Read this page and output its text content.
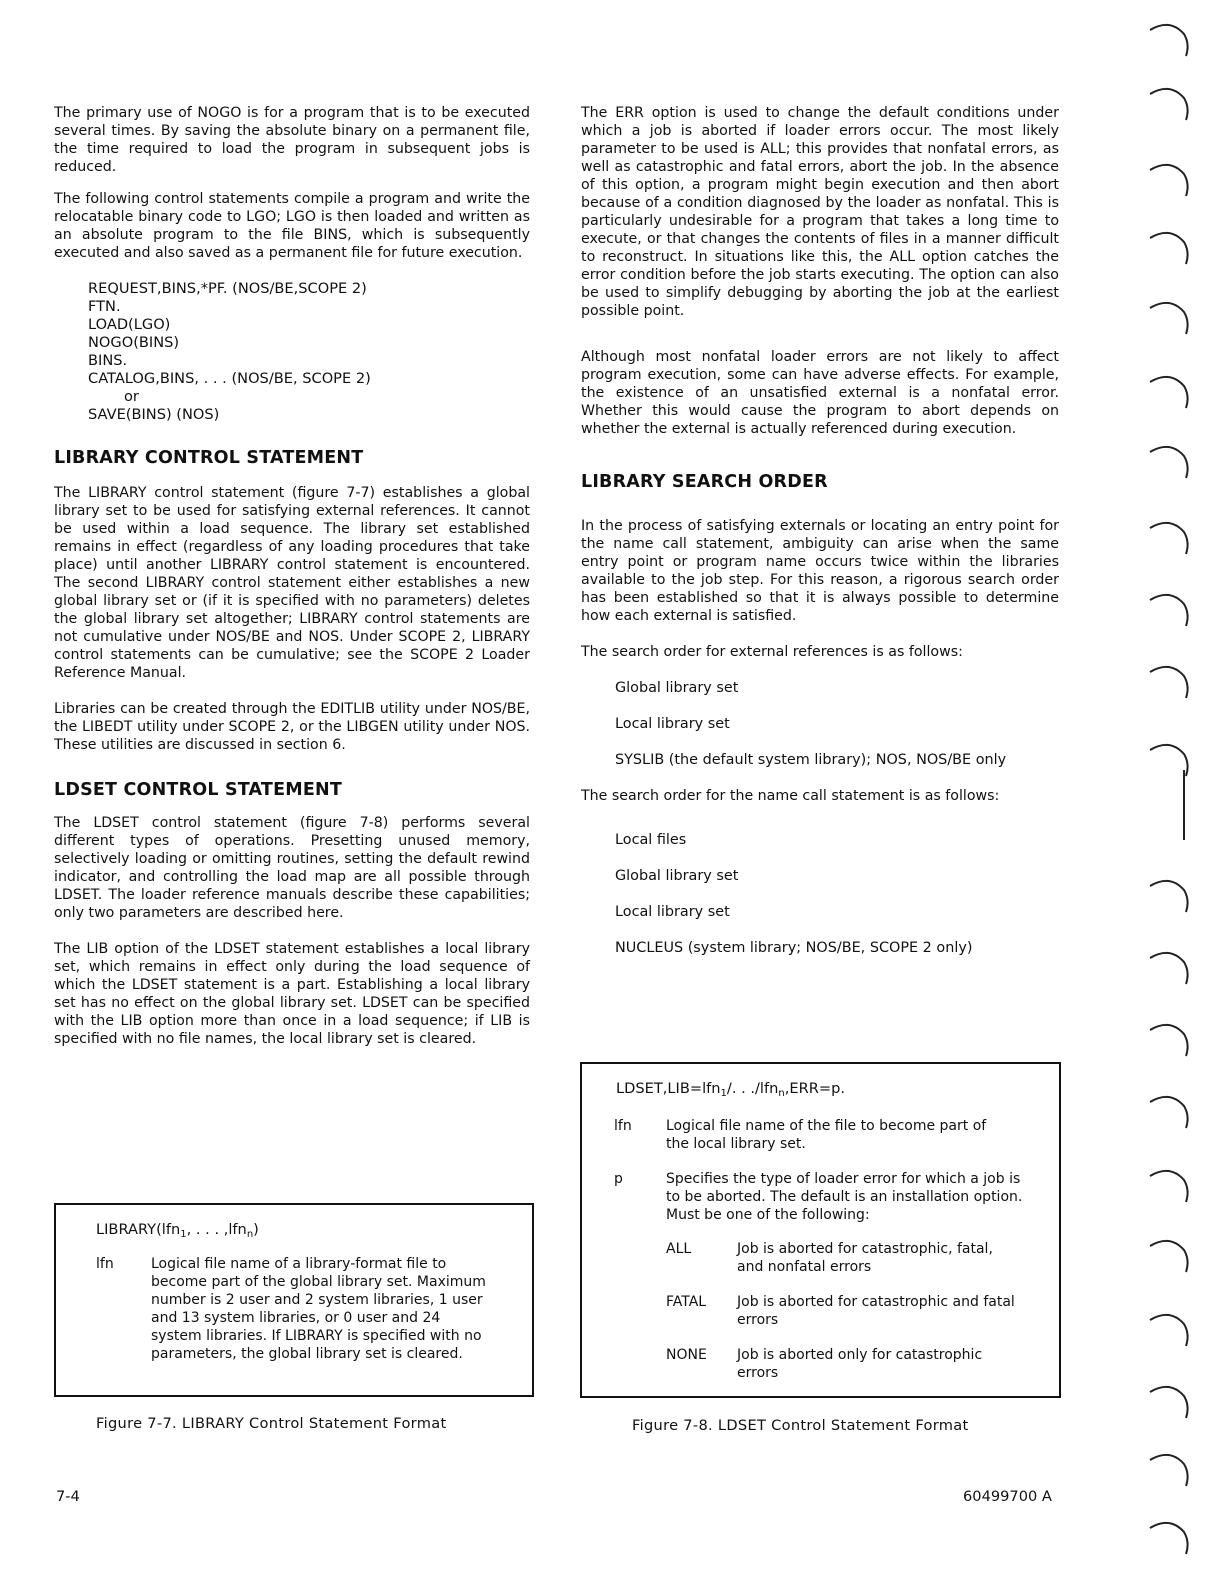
The primary use of NOGO is for a program that is to be executed several times. By saving the absolute binary on a permanent file, the time required to load the program in subsequent jobs is reduced.

The following control statements compile a program and write the relocatable binary code to LGO; LGO is then loaded and written as an absolute program to the file BINS, which is subsequently executed and also saved as a permanent file for future execution.

REQUEST,BINS,*PF. (NOS/BE,SCOPE 2)
FTN.
LOAD(LGO)
NOGO(BINS)
BINS.
CATALOG,BINS, . . . (NOS/BE, SCOPE 2)
or
SAVE(BINS) (NOS)
LIBRARY CONTROL STATEMENT

The LIBRARY control statement (figure 7-7) establishes a global library set to be used for satisfying external references. It cannot be used within a load sequence. The library set established remains in effect (regardless of any loading procedures that take place) until another LIBRARY control statement is encountered. The second LIBRARY control statement either establishes a new global library set or (if it is specified with no parameters) deletes the global library set altogether; LIBRARY control statements are not cumulative under NOS/BE and NOS. Under SCOPE 2, LIBRARY control statements can be cumulative; see the SCOPE 2 Loader Reference Manual.

Libraries can be created through the EDITLIB utility under NOS/BE, the LIBEDT utility under SCOPE 2, or the LIBGEN utility under NOS. These utilities are discussed in section 6.

LDSET CONTROL STATEMENT

The LDSET control statement (figure 7-8) performs several different types of operations. Presetting unused memory, selectively loading or omitting routines, setting the default rewind indicator, and controlling the load map are all possible through LDSET. The loader reference manuals describe these capabilities; only two parameters are described here.

The LIB option of the LDSET statement establishes a local library set, which remains in effect only during the load sequence of which the LDSET statement is a part. Establishing a local library set has no effect on the global library set. LDSET can be specified with the LIB option more than once in a load sequence; if LIB is specified with no file names, the local library set is cleared.

LIBRARY(lfn$_1$, . . . ,lfn$_n$)
lfn	Logical file name of a library-format file to become part of the global library set. Maximum number is 2 user and 2 system libraries, 1 user and 13 system libraries, or 0 user and 24 system libraries. If LIBRARY is specified with no parameters, the global library set is cleared.
Figure 7-7. LIBRARY Control Statement Format

The ERR option is used to change the default conditions under which a job is aborted if loader errors occur. The most likely parameter to be used is ALL; this provides that nonfatal errors, as well as catastrophic and fatal errors, abort the job. In the absence of this option, a program might begin execution and then abort because of a condition diagnosed by the loader as nonfatal. This is particularly undesirable for a program that takes a long time to execute, or that changes the contents of files in a manner difficult to reconstruct. In situations like this, the ALL option catches the error condition before the job starts executing. The option can also be used to simplify debugging by aborting the job at the earliest possible point.

Although most nonfatal loader errors are not likely to affect program execution, some can have adverse effects. For example, the existence of an unsatisfied external is a nonfatal error. Whether this would cause the program to abort depends on whether the external is actually referenced during execution.

LIBRARY SEARCH ORDER

In the process of satisfying externals or locating an entry point for the name call statement, ambiguity can arise when the same entry point or program name occurs twice within the libraries available to the job step. For this reason, a rigorous search order has been established so that it is always possible to determine how each external is satisfied.

The search order for external references is as follows:

Global library set
Local library set
SYSLIB (the default system library); NOS, NOS/BE only

The search order for the name call statement is as follows:

Local files
Global library set
Local library set
NUCLEUS (system library; NOS/BE, SCOPE 2 only)
LDSET,LIB=lfn$_1$/. . ./lfn$_n$,ERR=p.
lfn	Logical file name of the file to become part of the local library set.
p	Specifies the type of loader error for which a job is to be aborted. The default is an installation option. Must be one of the following:
ALL	Job is aborted for catastrophic, fatal, and nonfatal errors
FATAL	Job is aborted for catastrophic and fatal errors
NONE	Job is aborted only for catastrophic errors
Figure 7-8. LDSET Control Statement Format
7-4	60499700 A
